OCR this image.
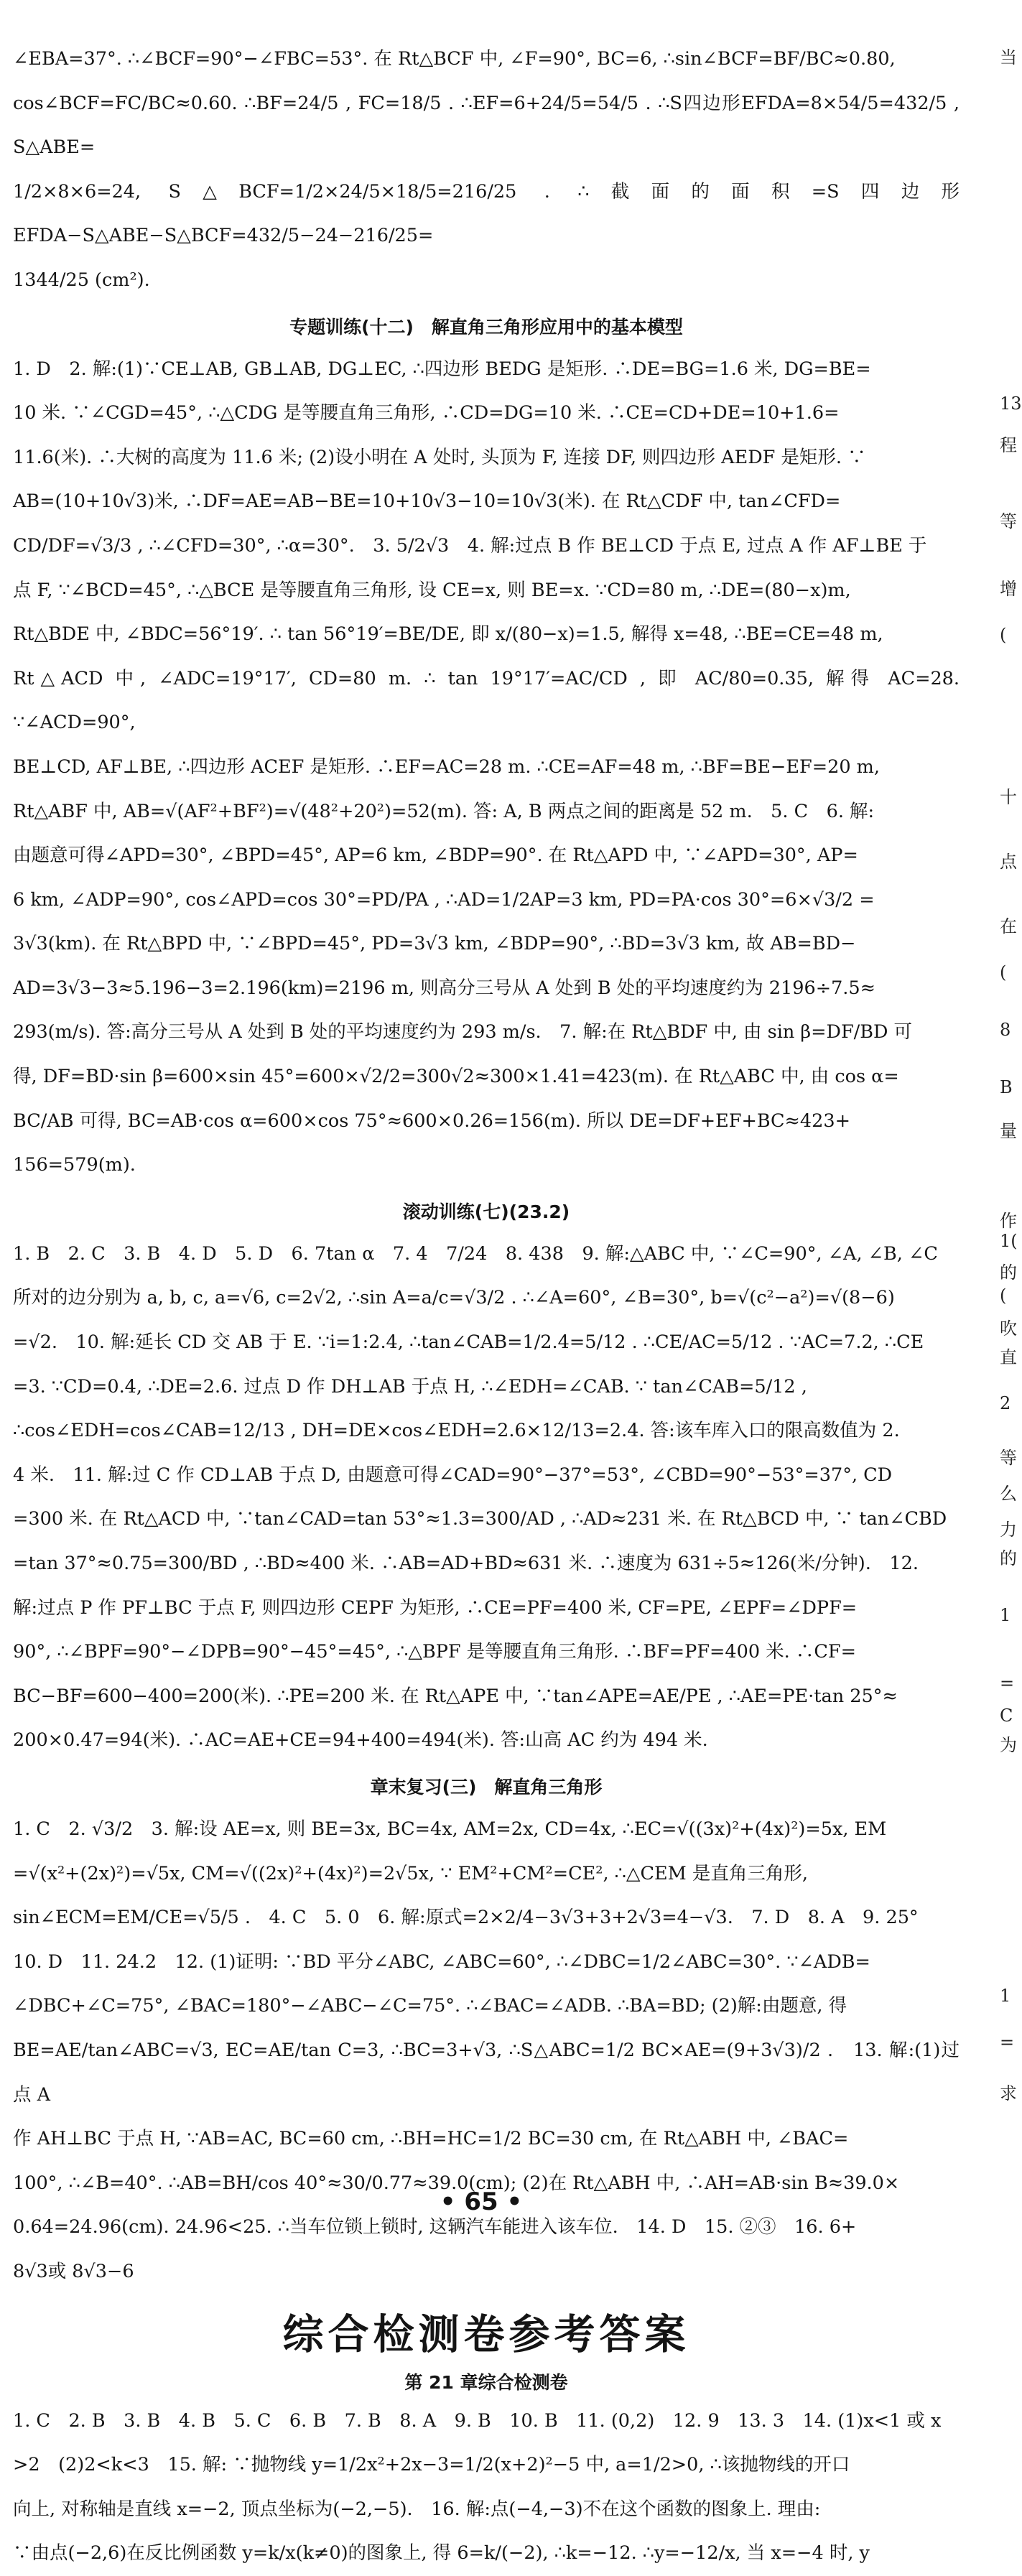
∠EBA=37°. ∴∠BCF=90°−∠FBC=53°. 在 Rt△BCF 中, ∠F=90°, BC=6, ∴sin∠BCF=BF/BC≈0.80,

cos∠BCF=FC/BC≈0.60. ∴BF=24/5 , FC=18/5 . ∴EF=6+24/5=54/5 . ∴S四边形EFDA=8×54/5=432/5 , S△ABE=

1/2×8×6=24, S△BCF=1/2×24/5×18/5=216/25 . ∴截面的面积=S四边形EFDA−S△ABE−S△BCF=432/5−24−216/25=

1344/25 (cm²).

专题训练(十二)　解直角三角形应用中的基本模型

1. D　2. 解:(1)∵CE⊥AB, GB⊥AB, DG⊥EC, ∴四边形 BEDG 是矩形. ∴DE=BG=1.6 米, DG=BE=

10 米. ∵∠CGD=45°, ∴△CDG 是等腰直角三角形, ∴CD=DG=10 米. ∴CE=CD+DE=10+1.6=

11.6(米). ∴大树的高度为 11.6 米; (2)设小明在 A 处时, 头顶为 F, 连接 DF, 则四边形 AEDF 是矩形. ∵

AB=(10+10√3)米, ∴DF=AE=AB−BE=10+10√3−10=10√3(米). 在 Rt△CDF 中, tan∠CFD=

CD/DF=√3/3 , ∴∠CFD=30°, ∴α=30°.　3. 5/2√3　4. 解:过点 B 作 BE⊥CD 于点 E, 过点 A 作 AF⊥BE 于

点 F, ∵∠BCD=45°, ∴△BCE 是等腰直角三角形, 设 CE=x, 则 BE=x. ∵CD=80 m, ∴DE=(80−x)m,

Rt△BDE 中, ∠BDC=56°19′. ∴ tan 56°19′=BE/DE, 即 x/(80−x)=1.5, 解得 x=48, ∴BE=CE=48 m,

Rt△ACD 中, ∠ADC=19°17′, CD=80 m. ∴ tan 19°17′=AC/CD , 即 AC/80=0.35, 解得 AC=28. ∵∠ACD=90°,

BE⊥CD, AF⊥BE, ∴四边形 ACEF 是矩形. ∴EF=AC=28 m. ∴CE=AF=48 m, ∴BF=BE−EF=20 m,

Rt△ABF 中, AB=√(AF²+BF²)=√(48²+20²)=52(m). 答: A, B 两点之间的距离是 52 m.　5. C　6. 解:

由题意可得∠APD=30°, ∠BPD=45°, AP=6 km, ∠BDP=90°. 在 Rt△APD 中, ∵∠APD=30°, AP=

6 km, ∠ADP=90°, cos∠APD=cos 30°=PD/PA , ∴AD=1/2AP=3 km, PD=PA·cos 30°=6×√3/2 =

3√3(km). 在 Rt△BPD 中, ∵∠BPD=45°, PD=3√3 km, ∠BDP=90°, ∴BD=3√3 km, 故 AB=BD−

AD=3√3−3≈5.196−3=2.196(km)=2196 m, 则高分三号从 A 处到 B 处的平均速度约为 2196÷7.5≈

293(m/s). 答:高分三号从 A 处到 B 处的平均速度约为 293 m/s.　7. 解:在 Rt△BDF 中, 由 sin β=DF/BD 可

得, DF=BD·sin β=600×sin 45°=600×√2/2=300√2≈300×1.41=423(m). 在 Rt△ABC 中, 由 cos α=

BC/AB 可得, BC=AB·cos α=600×cos 75°≈600×0.26=156(m). 所以 DE=DF+EF+BC≈423+

156=579(m).

滚动训练(七)(23.2)

1. B　2. C　3. B　4. D　5. D　6. 7tan α　7. 4　7/24　8. 438　9. 解:△ABC 中, ∵∠C=90°, ∠A, ∠B, ∠C

所对的边分别为 a, b, c, a=√6, c=2√2, ∴sin A=a/c=√3/2 . ∴∠A=60°, ∠B=30°, b=√(c²−a²)=√(8−6)

=√2.　10. 解:延长 CD 交 AB 于 E. ∵i=1:2.4, ∴tan∠CAB=1/2.4=5/12 . ∴CE/AC=5/12 . ∵AC=7.2, ∴CE

=3. ∵CD=0.4, ∴DE=2.6. 过点 D 作 DH⊥AB 于点 H, ∴∠EDH=∠CAB. ∵ tan∠CAB=5/12 ,

∴cos∠EDH=cos∠CAB=12/13 , DH=DE×cos∠EDH=2.6×12/13=2.4. 答:该车库入口的限高数值为 2.

4 米.　11. 解:过 C 作 CD⊥AB 于点 D, 由题意可得∠CAD=90°−37°=53°, ∠CBD=90°−53°=37°, CD

=300 米. 在 Rt△ACD 中, ∵tan∠CAD=tan 53°≈1.3=300/AD , ∴AD≈231 米. 在 Rt△BCD 中, ∵ tan∠CBD

=tan 37°≈0.75=300/BD , ∴BD≈400 米. ∴AB=AD+BD≈631 米. ∴速度为 631÷5≈126(米/分钟).　12.

解:过点 P 作 PF⊥BC 于点 F, 则四边形 CEPF 为矩形, ∴CE=PF=400 米, CF=PE, ∠EPF=∠DPF=

90°, ∴∠BPF=90°−∠DPB=90°−45°=45°, ∴△BPF 是等腰直角三角形. ∴BF=PF=400 米. ∴CF=

BC−BF=600−400=200(米). ∴PE=200 米. 在 Rt△APE 中, ∵tan∠APE=AE/PE , ∴AE=PE·tan 25°≈

200×0.47=94(米). ∴AC=AE+CE=94+400=494(米). 答:山高 AC 约为 494 米.

章末复习(三)　解直角三角形

1. C　2. √3/2　3. 解:设 AE=x, 则 BE=3x, BC=4x, AM=2x, CD=4x, ∴EC=√((3x)²+(4x)²)=5x, EM

=√(x²+(2x)²)=√5x, CM=√((2x)²+(4x)²)=2√5x, ∵ EM²+CM²=CE², ∴△CEM 是直角三角形,

sin∠ECM=EM/CE=√5/5 .　4. C　5. 0　6. 解:原式=2×2/4−3√3+3+2√3=4−√3.　7. D　8. A　9. 25°

10. D　11. 24.2　12. (1)证明: ∵BD 平分∠ABC, ∠ABC=60°, ∴∠DBC=1/2∠ABC=30°. ∵∠ADB=

∠DBC+∠C=75°, ∠BAC=180°−∠ABC−∠C=75°. ∴∠BAC=∠ADB. ∴BA=BD; (2)解:由题意, 得

BE=AE/tan∠ABC=√3, EC=AE/tan C=3, ∴BC=3+√3, ∴S△ABC=1/2 BC×AE=(9+3√3)/2 .　13. 解:(1)过点 A

作 AH⊥BC 于点 H, ∵AB=AC, BC=60 cm, ∴BH=HC=1/2 BC=30 cm, 在 Rt△ABH 中, ∠BAC=

100°, ∴∠B=40°. ∴AB=BH/cos 40°≈30/0.77≈39.0(cm); (2)在 Rt△ABH 中, ∴AH=AB·sin B≈39.0×

0.64=24.96(cm). 24.96<25. ∴当车位锁上锁时, 这辆汽车能进入该车位.　14. D　15. ②③　16. 6+

8√3或 8√3−6

综合检测卷参考答案
第 21 章综合检测卷

1. C　2. B　3. B　4. B　5. C　6. B　7. B　8. A　9. B　10. B　11. (0,2)　12. 9　13. 3　14. (1)x<1 或 x

>2　(2)2<k<3　15. 解: ∵抛物线 y=1/2x²+2x−3=1/2(x+2)²−5 中, a=1/2>0, ∴该抛物线的开口

向上, 对称轴是直线 x=−2, 顶点坐标为(−2,−5).　16. 解:点(−4,−3)不在这个函数的图象上. 理由:

∵由点(−2,6)在反比例函数 y=k/x(k≠0)的图象上, 得 6=k/(−2), ∴k=−12. ∴y=−12/x, 当 x=−4 时, y

• 65 •
当
13
程
等
增
(
十
点
在
(
8
B
量
作
1(
的
(
吹
直
2
等
么
力
的
1
=
C
为
1
=
求
